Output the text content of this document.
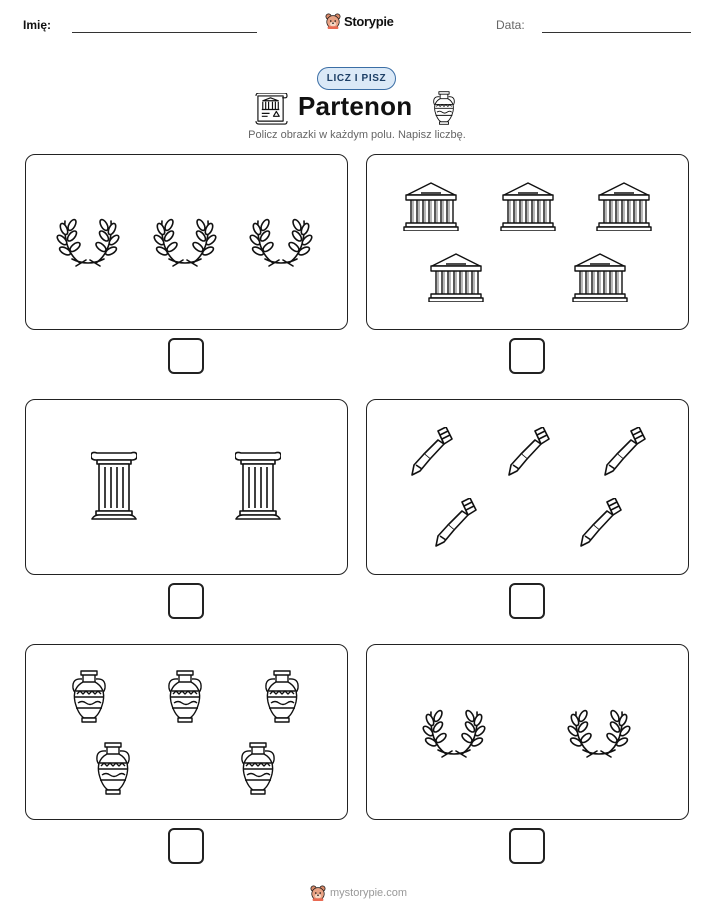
Imię:	Storypie	Data:
LICZ I PISZ
Partenon
Policz obrazki w każdym polu. Napisz liczbę.
mystorypie.com
